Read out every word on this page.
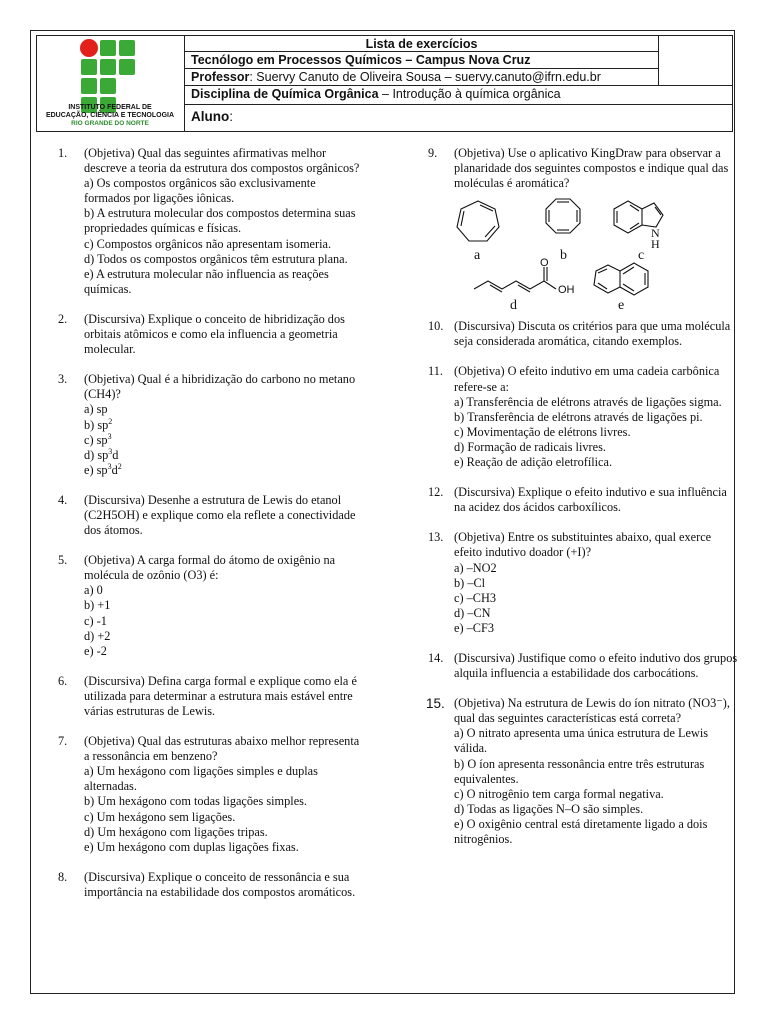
INSTITUTO FEDERAL DE
EDUCAÇÃO, CIÊNCIA E TECNOLOGIA
RIO GRANDE DO NORTE
Lista de exercícios
Tecnólogo em Processos Químicos – Campus Nova Cruz
Professor: Suervy Canuto de Oliveira Sousa – suervy.canuto@ifrn.edu.br
Disciplina de Química Orgânica – Introdução à química orgânica
Aluno:
1. (Objetiva) Qual das seguintes afirmativas melhor descreve a teoria da estrutura dos compostos orgânicos?
a) Os compostos orgânicos são exclusivamente formados por ligações iônicas.
b) A estrutura molecular dos compostos determina suas propriedades químicas e físicas.
c) Compostos orgânicos não apresentam isomeria.
d) Todos os compostos orgânicos têm estrutura plana.
e) A estrutura molecular não influencia as reações químicas.
2. (Discursiva) Explique o conceito de hibridização dos orbitais atômicos e como ela influencia a geometria molecular.
3. (Objetiva) Qual é a hibridização do carbono no metano (CH4)?
a) sp
b) $sp^2$
c) $sp^3$
d) $sp^3d$
e) $sp^3d^2$
4. (Discursiva) Desenhe a estrutura de Lewis do etanol (C2H5OH) e explique como ela reflete a conectividade dos átomos.
5. (Objetiva) A carga formal do átomo de oxigênio na molécula de ozônio (O3) é:
a) 0
b) +1
c) -1
d) +2
e) -2
6. (Discursiva) Defina carga formal e explique como ela é utilizada para determinar a estrutura mais estável entre várias estruturas de Lewis.
7. (Objetiva) Qual das estruturas abaixo melhor representa a ressonância em benzeno?
a) Um hexágono com ligações simples e duplas alternadas.
b) Um hexágono com todas ligações simples.
c) Um hexágono sem ligações.
d) Um hexágono com ligações tripas.
e) Um hexágono com duplas ligações fixas.
8. (Discursiva) Explique o conceito de ressonância e sua importância na estabilidade dos compostos aromáticos.
9. (Objetiva) Use o aplicativo KingDraw para observar a planaridade dos seguintes compostos e indique qual das moléculas é aromática?
a	b
N
H
c
O
OH
d	e
10. (Discursiva) Discuta os critérios para que uma molécula seja considerada aromática, citando exemplos.
11. (Objetiva) O efeito indutivo em uma cadeia carbônica refere-se a:
a) Transferência de elétrons através de ligações sigma.
b) Transferência de elétrons através de ligações pi.
c) Movimentação de elétrons livres.
d) Formação de radicais livres.
e) Reação de adição eletrofílica.
12. (Discursiva) Explique o efeito indutivo e sua influência na acidez dos ácidos carboxílicos.
13. (Objetiva) Entre os substituintes abaixo, qual exerce efeito indutivo doador (+I)?
a) –NO2
b) –Cl
c) –CH3
d) –CN
e) –CF3
14. (Discursiva) Justifique como o efeito indutivo dos grupos alquila influencia a estabilidade dos carbocátions.
15. (Objetiva) Na estrutura de Lewis do íon nitrato (NO3⁻), qual das seguintes características está correta?
a) O nitrato apresenta uma única estrutura de Lewis válida.
b) O íon apresenta ressonância entre três estruturas equivalentes.
c) O nitrogênio tem carga formal negativa.
d) Todas as ligações N–O são simples.
e) O oxigênio central está diretamente ligado a dois nitrogênios.
